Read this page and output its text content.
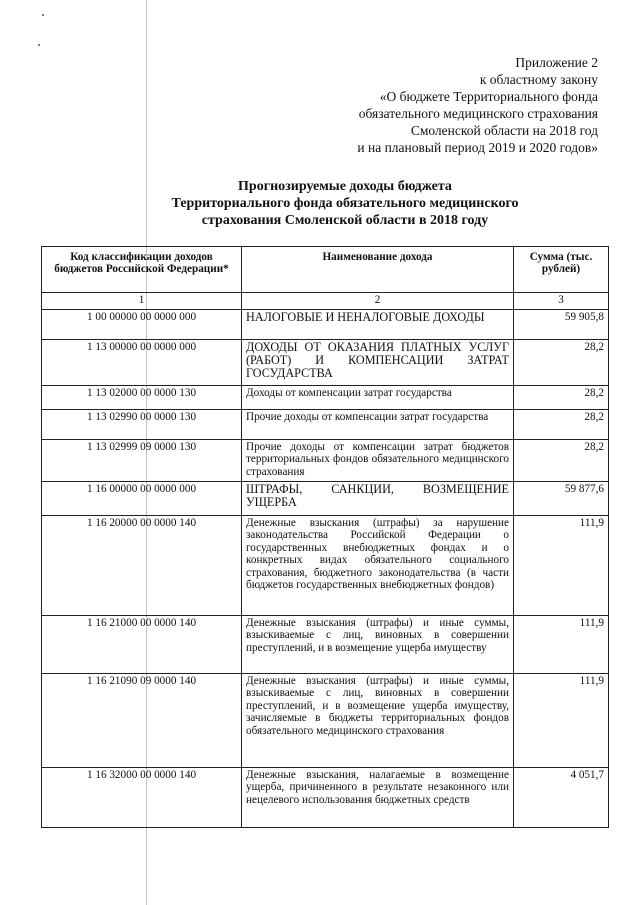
Приложение 2
к областному закону
«О бюджете Территориального фонда
обязательного медицинского страхования
Смоленской области на 2018 год
и на плановый период 2019 и 2020 годов»
Прогнозируемые доходы бюджета
Территориального фонда обязательного медицинского
страхования Смоленской области в 2018 году
Код классификации доходов бюджетов Российской Федерации*	Наименование дохода	Сумма (тыс. рублей)
1	2	3
1 00 00000 00 0000 000	НАЛОГОВЫЕ И НЕНАЛОГОВЫЕ ДОХОДЫ	59 905,8
1 13 00000 00 0000 000	ДОХОДЫ ОТ ОКАЗАНИЯ ПЛАТНЫХ УСЛУГ (РАБОТ) И КОМПЕНСАЦИИ ЗАТРАТ ГОСУДАРСТВА	28,2
1 13 02000 00 0000 130	Доходы от компенсации затрат государства	28,2
1 13 02990 00 0000 130	Прочие доходы от компенсации затрат государства	28,2
1 13 02999 09 0000 130	Прочие доходы от компенсации затрат бюджетов территориальных фондов обязательного медицинского страхования	28,2
1 16 00000 00 0000 000	ШТРАФЫ, САНКЦИИ, ВОЗМЕЩЕНИЕ УЩЕРБА	59 877,6
1 16 20000 00 0000 140	Денежные взыскания (штрафы) за нарушение законодательства Российской Федерации о государственных внебюджетных фондах и о конкретных видах обязательного социального страхования, бюджетного законодательства (в части бюджетов государственных внебюджетных фондов)	111,9
1 16 21000 00 0000 140	Денежные взыскания (штрафы) и иные суммы, взыскиваемые с лиц, виновных в совершении преступлений, и в возмещение ущерба имуществу	111,9
1 16 21090 09 0000 140	Денежные взыскания (штрафы) и иные суммы, взыскиваемые с лиц, виновных в совершении преступлений, и в возмещение ущерба имуществу, зачисляемые в бюджеты территориальных фондов обязательного медицинского страхования	111,9
1 16 32000 00 0000 140	Денежные взыскания, налагаемые в возмещение ущерба, причиненного в результате незаконного или нецелевого использования бюджетных средств	4 051,7
